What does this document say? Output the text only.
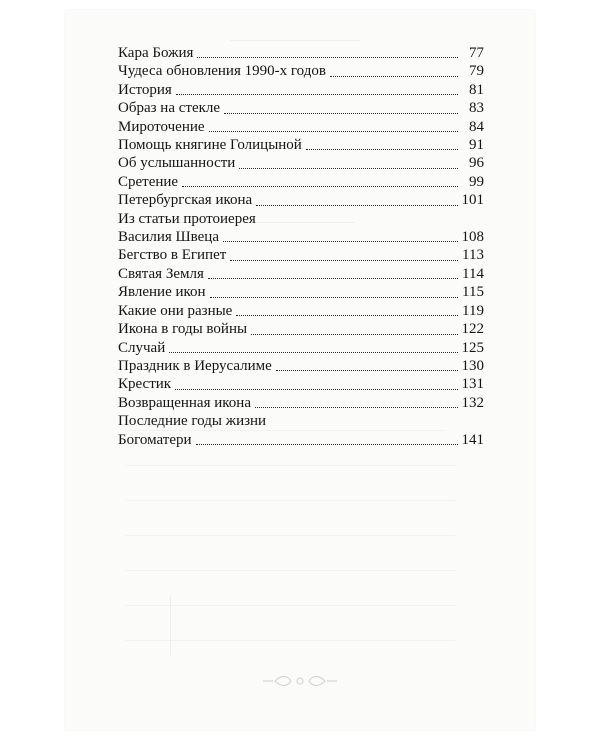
Кара Божия	77
Чудеса обновления 1990-х годов	79
История	81
Образ на стекле	83
Мироточение	84
Помощь княгине Голицыной	91
Об услышанности	96
Сретение	99
Петербургская икона	101
Из статьи протоиерея
Василия Швеца	108
Бегство в Египет	113
Святая Земля	114
Явление икон	115
Какие они разные	119
Икона в годы войны	122
Случай	125
Праздник в Иерусалиме	130
Крестик	131
Возвращенная икона	132
Последние годы жизни
Богоматери	141
